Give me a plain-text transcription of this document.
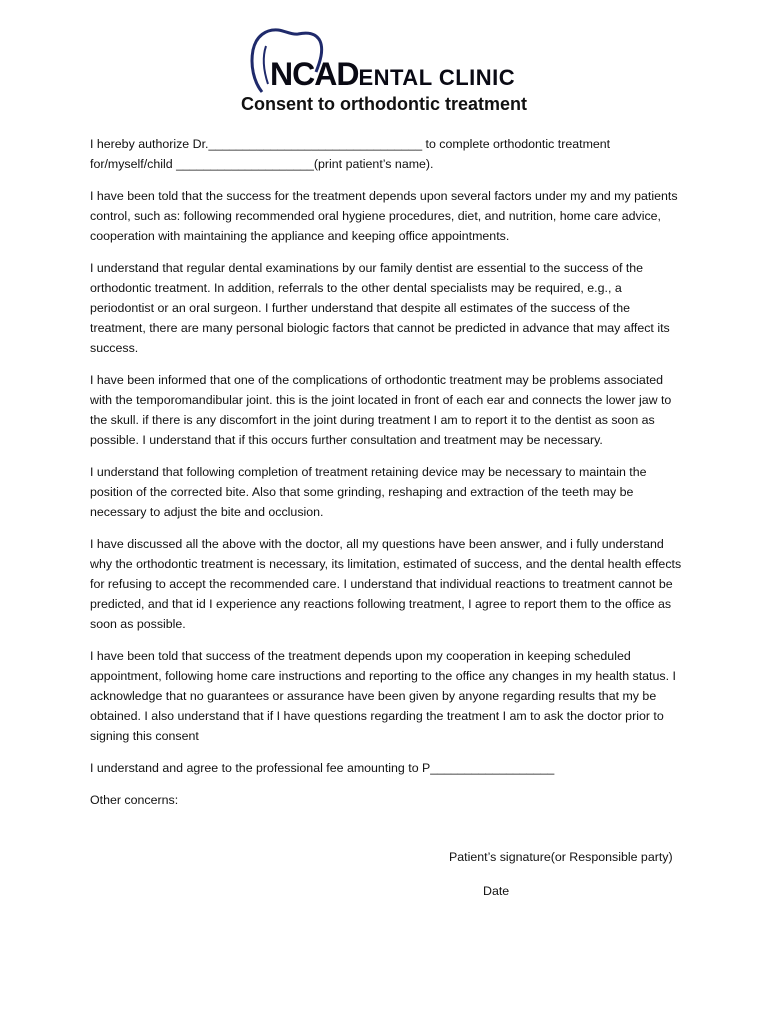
NCADENTAL CLINIC
Consent to orthodontic treatment

I hereby authorize Dr._______________________________ to complete orthodontic treatment for/myself/child ____________________(print patient’s name).

I have been told that the success for the treatment depends upon several factors under my and my patients control, such as: following recommended oral hygiene procedures, diet, and nutrition, home care advice, cooperation with maintaining the appliance and keeping office appointments.

I understand that regular dental examinations by our family dentist are essential to the success of the orthodontic treatment. In addition, referrals to the other dental specialists may be required, e.g., a periodontist or an oral surgeon. I further understand that despite all estimates of the success of the treatment, there are many personal biologic factors that cannot be predicted in advance that may affect its success.

I have been informed that one of the complications of orthodontic treatment may be problems associated with the temporomandibular joint. this is the joint located in front of each ear and connects the lower jaw to the skull. if there is any discomfort in the joint during treatment I am to report it to the dentist as soon as possible. I understand that if this occurs further consultation and treatment may be necessary.

I understand that following completion of treatment retaining device may be necessary to maintain the position of the corrected bite. Also that some grinding, reshaping and extraction of the teeth may be necessary to adjust the bite and occlusion.

I have discussed all the above with the doctor, all my questions have been answer, and i fully understand why the orthodontic treatment is necessary, its limitation, estimated of success, and the dental health effects for refusing to accept the recommended care. I understand that individual reactions to treatment cannot be predicted, and that id I experience any reactions following treatment, I agree to report them to the office as soon as possible.

I have been told that success of the treatment depends upon my cooperation in keeping scheduled appointment, following home care instructions and reporting to the office any changes in my health status. I acknowledge that no guarantees or assurance have been given by anyone regarding results that my be obtained. I also understand that if I have questions regarding the treatment I am to ask the doctor prior to signing this consent

I understand and agree to the professional fee amounting to P__________________

Other concerns:

Patient’s signature(or Responsible party)
Date
